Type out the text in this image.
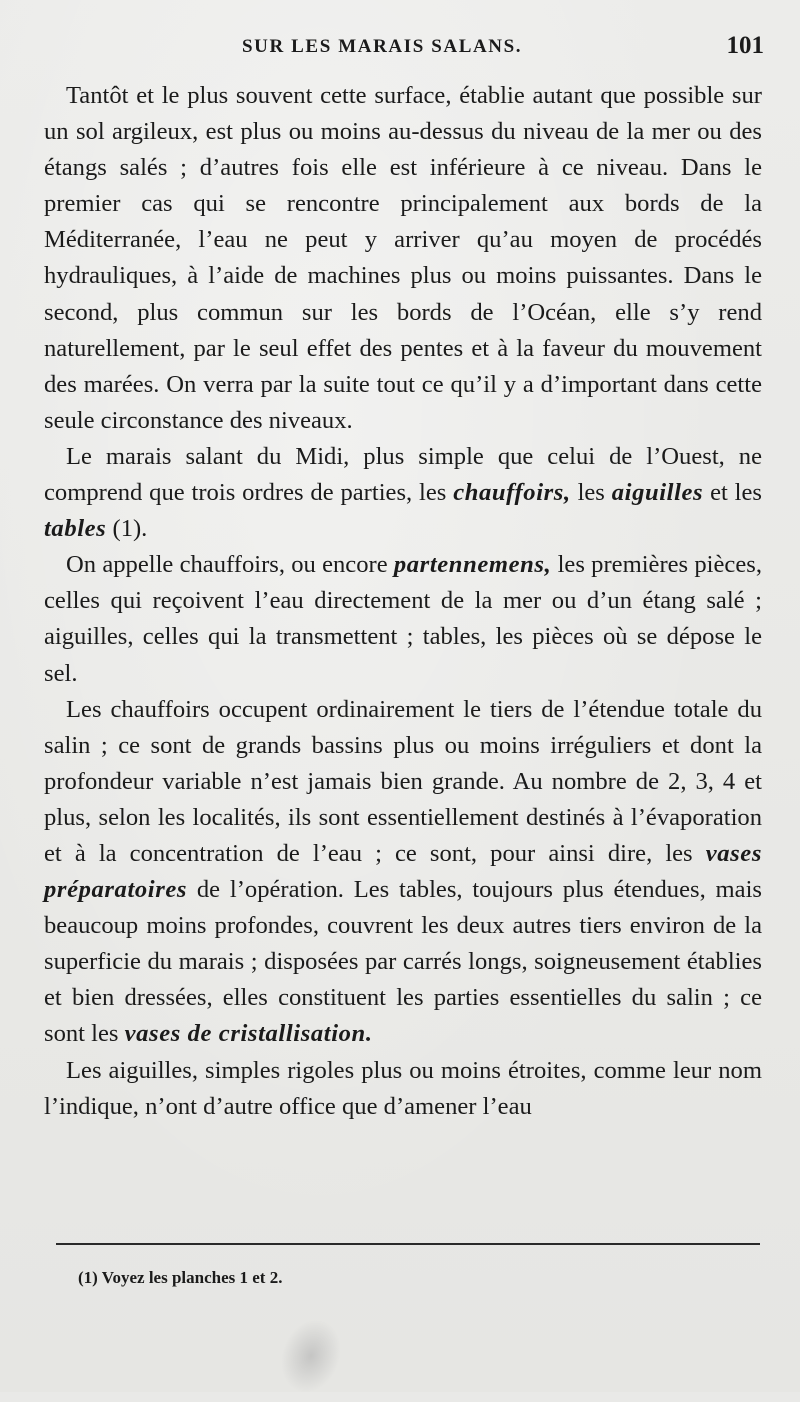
SUR LES MARAIS SALANS.	101

Tantôt et le plus souvent cette surface, établie autant que possible sur un sol argileux, est plus ou moins au-dessus du niveau de la mer ou des étangs salés ; d’autres fois elle est inférieure à ce niveau. Dans le premier cas qui se rencontre principalement aux bords de la Méditerranée, l’eau ne peut y arriver qu’au moyen de procédés hydrauliques, à l’aide de machines plus ou moins puissantes. Dans le second, plus commun sur les bords de l’Océan, elle s’y rend naturellement, par le seul effet des pentes et à la faveur du mouvement des marées. On verra par la suite tout ce qu’il y a d’important dans cette seule circonstance des niveaux.

Le marais salant du Midi, plus simple que celui de l’Ouest, ne comprend que trois ordres de parties, les chauffoirs, les aiguilles et les tables (1).

On appelle chauffoirs, ou encore partennemens, les premières pièces, celles qui reçoivent l’eau directement de la mer ou d’un étang salé ; aiguilles, celles qui la transmettent ; tables, les pièces où se dépose le sel.

Les chauffoirs occupent ordinairement le tiers de l’étendue totale du salin ; ce sont de grands bassins plus ou moins irréguliers et dont la profondeur variable n’est jamais bien grande. Au nombre de 2, 3, 4 et plus, selon les localités, ils sont essentiellement destinés à l’évaporation et à la concentration de l’eau ; ce sont, pour ainsi dire, les vases préparatoires de l’opération. Les tables, toujours plus étendues, mais beaucoup moins profondes, couvrent les deux autres tiers environ de la superficie du marais ; disposées par carrés longs, soigneusement établies et bien dressées, elles constituent les parties essentielles du salin ; ce sont les vases de cristallisation.

Les aiguilles, simples rigoles plus ou moins étroites, comme leur nom l’indique, n’ont d’autre office que d’amener l’eau

(1) Voyez les planches 1 et 2.
